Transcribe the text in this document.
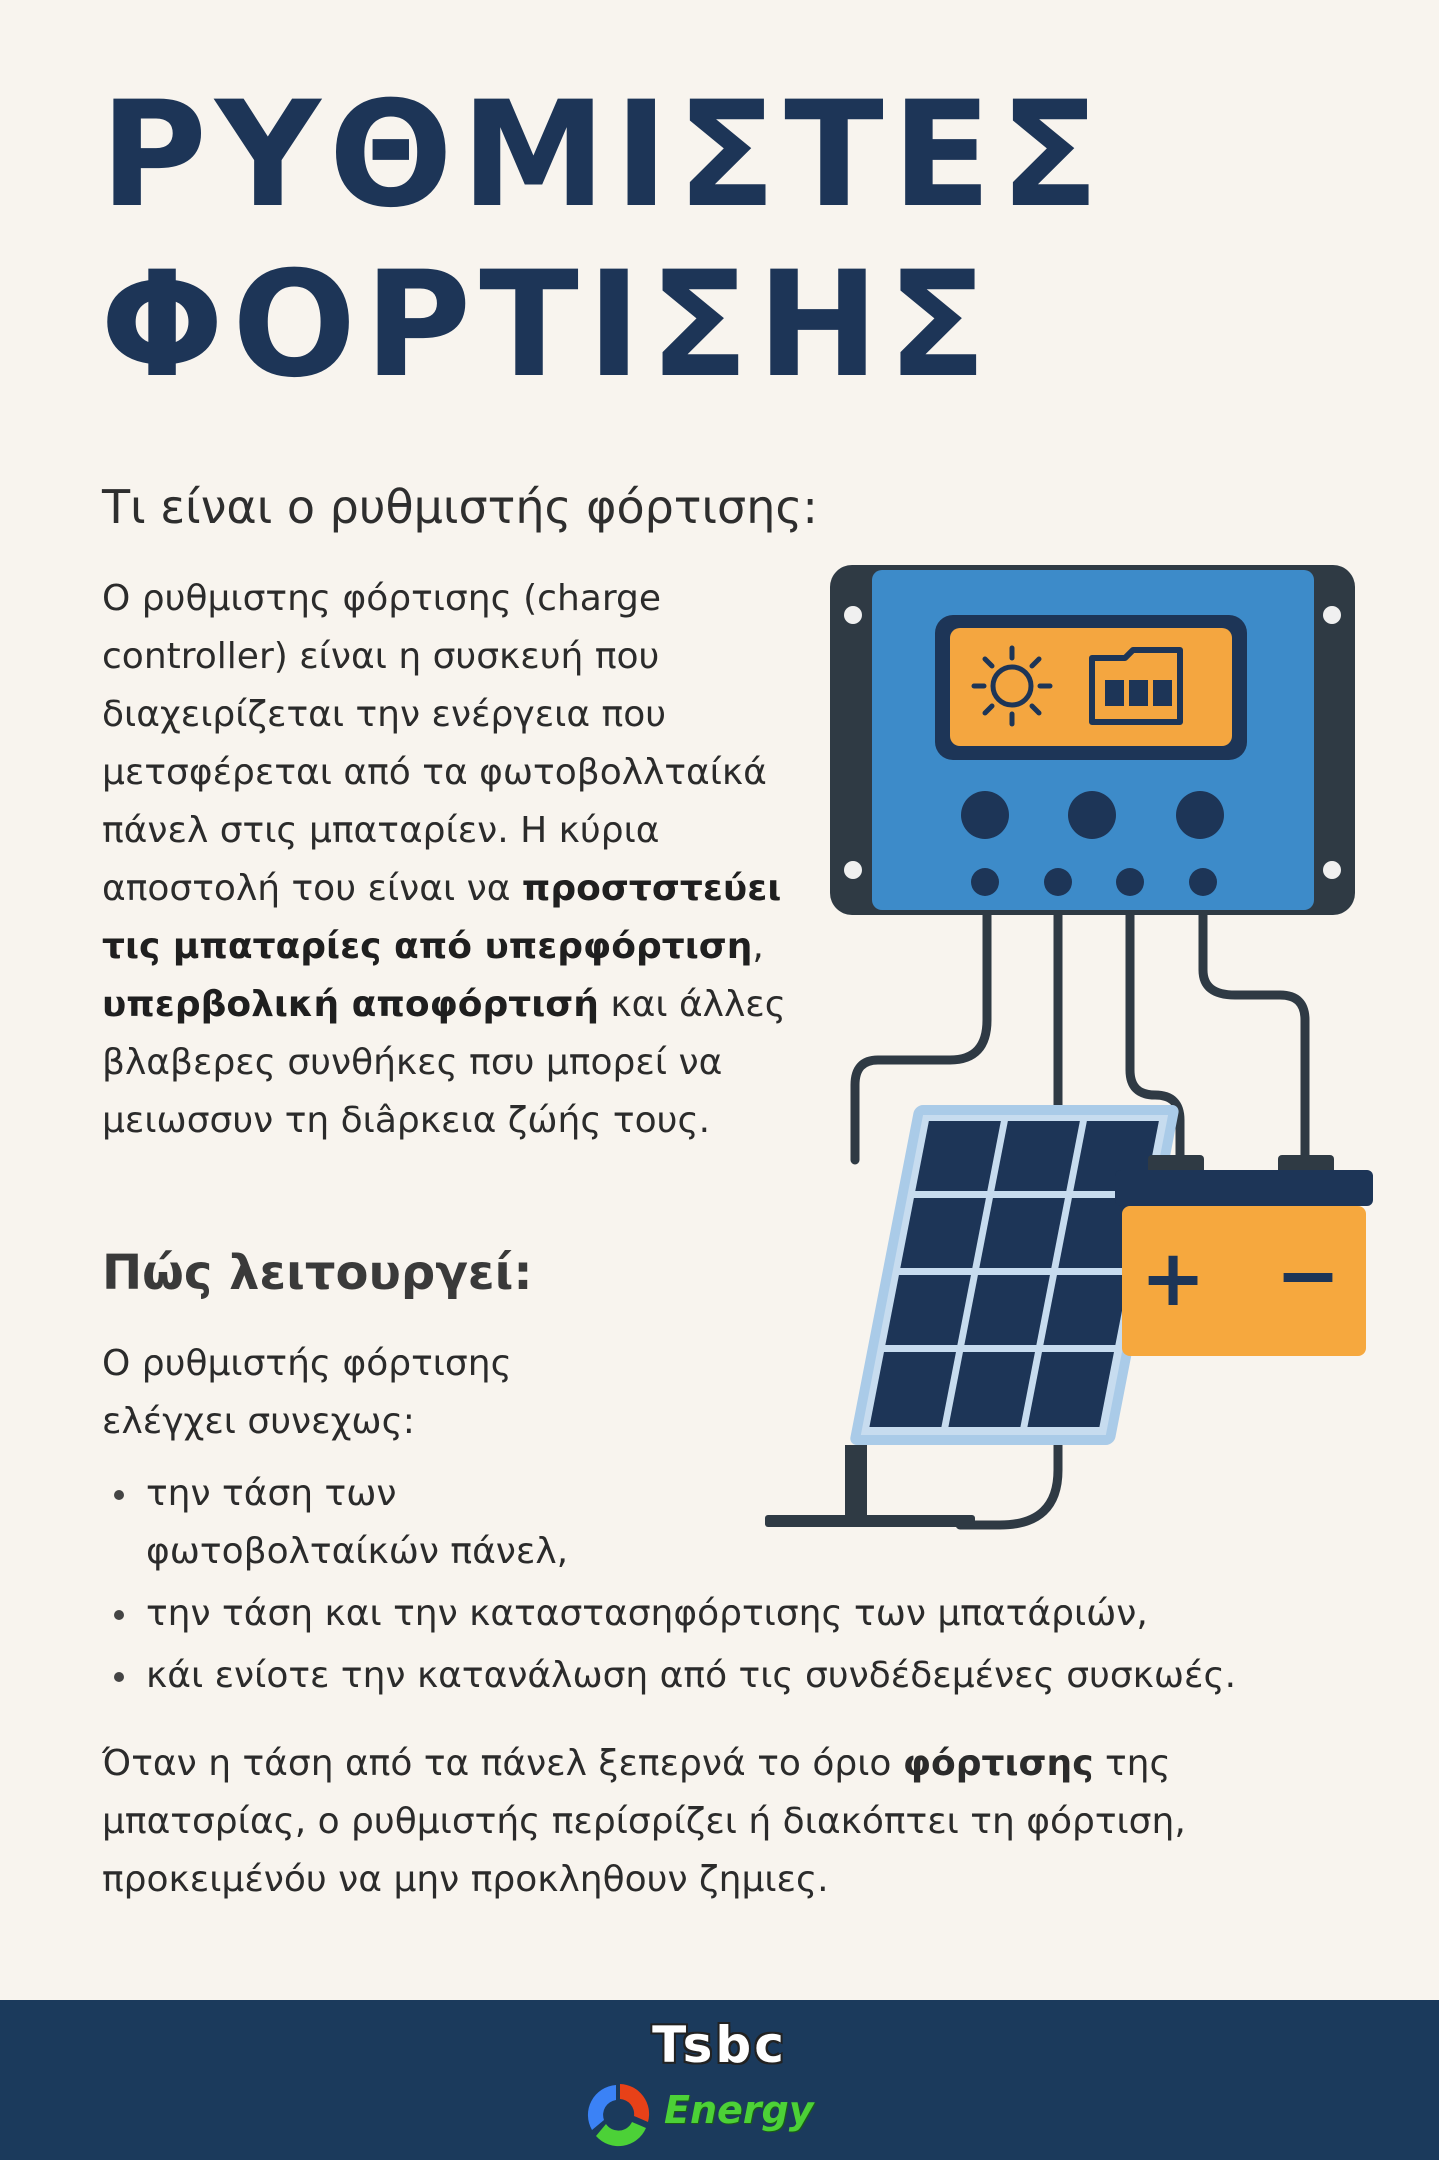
ΡΥΘΜΙΣΤΕΣ
ΦΟΡΤΙΣΗΣ
Τι είναι ο ρυθμιστής φόρτισης:

Ο ρυθμιστης φόρτισης (charge controller) είναι η συσκευή που διαχειρίζεται την ενέργεια που μετσφέρεται από τα φωτοβολλταίκά πάνελ στις μπαταρίεν. Η κύρια αποστολή του είναι να προστστεύει τις μπαταρίες από υπερφόρτιση, υπερβολική αποφόρτισή και άλλες βλαβερες συνθήκες πσυ μπορεί να μειωσσυν τη διâρκεια ζώής τους.

Πώς λειτουργεί:

Ο ρυθμιστής φόρτισης ελέγχει συνεχως:

την τάση των φωτοβολταίκών πάνελ,
την τάση και την καταστασηφόρτισης των μπατάριών,
κάι ενίοτε την κατανάλωση από τις συνδέδεμένες συσκωές.

Όταν η τάση από τα πάνελ ξεπερνά το όριο φόρτισης της μπατσρίας, ο ρυθμιστής περίσρίζει ή διακόπτει τη φόρτιση, προκειμένόυ να μην προκληθουν ζημιες.

+ −
Tsbc
Energy
